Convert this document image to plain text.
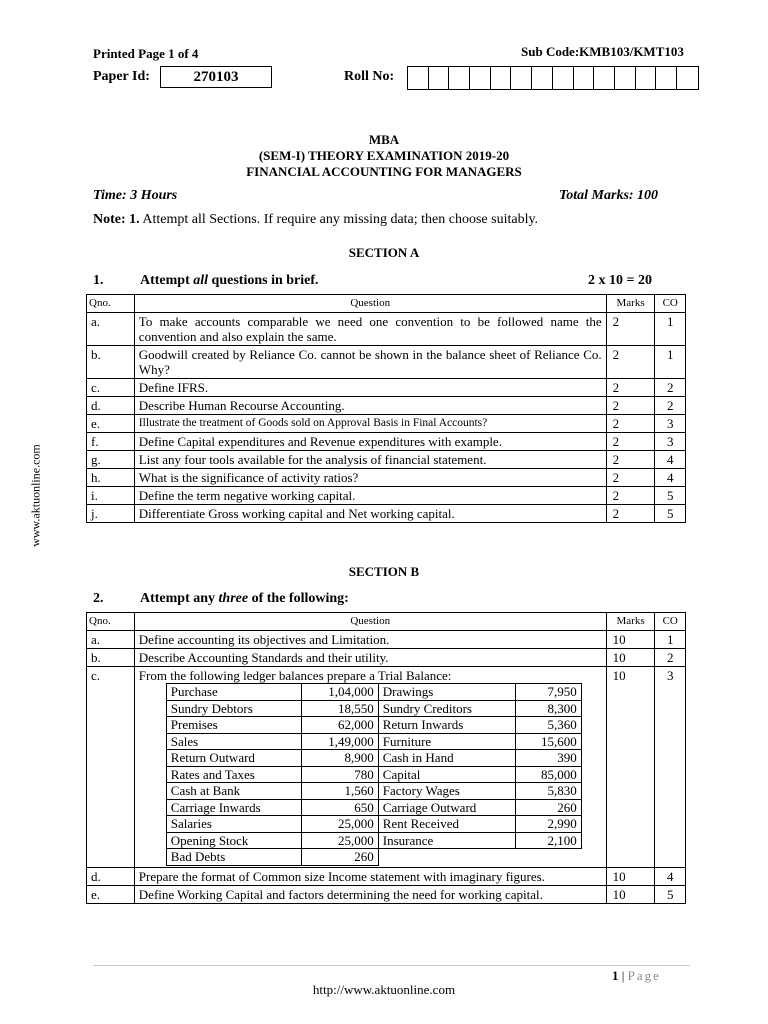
Printed Page 1 of 4	Sub Code:KMB103/KMT103
Paper Id:	270103	Roll No:
MBA
(SEM-I) THEORY EXAMINATION 2019-20
FINANCIAL ACCOUNTING FOR MANAGERS
Time: 3 Hours	Total Marks: 100
Note: 1. Attempt all Sections. If require any missing data; then choose suitably.
SECTION A
1.	Attempt all questions in brief.	2 x 10 = 20
Qno.	Question	Marks	CO
a.	To make accounts comparable we need one convention to be followed name the convention and also explain the same.	2	1
b.	Goodwill created by Reliance Co. cannot be shown in the balance sheet of Reliance Co. Why?	2	1
c.	Define IFRS.	2	2
d.	Describe Human Recourse Accounting.	2	2
e.	Illustrate the treatment of Goods sold on Approval Basis in Final Accounts?	2	3
f.	Define Capital expenditures and Revenue expenditures with example.	2	3
g.	List any four tools available for the analysis of financial statement.	2	4
h.	What is the significance of activity ratios?	2	4
i.	Define the term negative working capital.	2	5
j.	Differentiate Gross working capital and Net working capital.	2	5
SECTION B
2.	Attempt any three of the following:
Qno.	Question	Marks	CO
a.	Define accounting its objectives and Limitation.	10	1
b.	Describe Accounting Standards and their utility.	10	2
c.	From the following ledger balances prepare a Trial Balance:
Purchase	1,04,000	Drawings	7,950
Sundry Debtors	18,550	Sundry Creditors	8,300
Premises	62,000	Return Inwards	5,360
Sales	1,49,000	Furniture	15,600
Return Outward	8,900	Cash in Hand	390
Rates and Taxes	780	Capital	85,000
Cash at Bank	1,560	Factory Wages	5,830
Carriage Inwards	650	Carriage Outward	260
Salaries	25,000	Rent Received	2,990
Opening Stock	25,000	Insurance	2,100
Bad Debts	260
	10	3
d.	Prepare the format of Common size Income statement with imaginary figures.	10	4
e.	Define Working Capital and factors determining the need for working capital.	10	5
www.aktuonline.com
1 | Page
http://www.aktuonline.com
